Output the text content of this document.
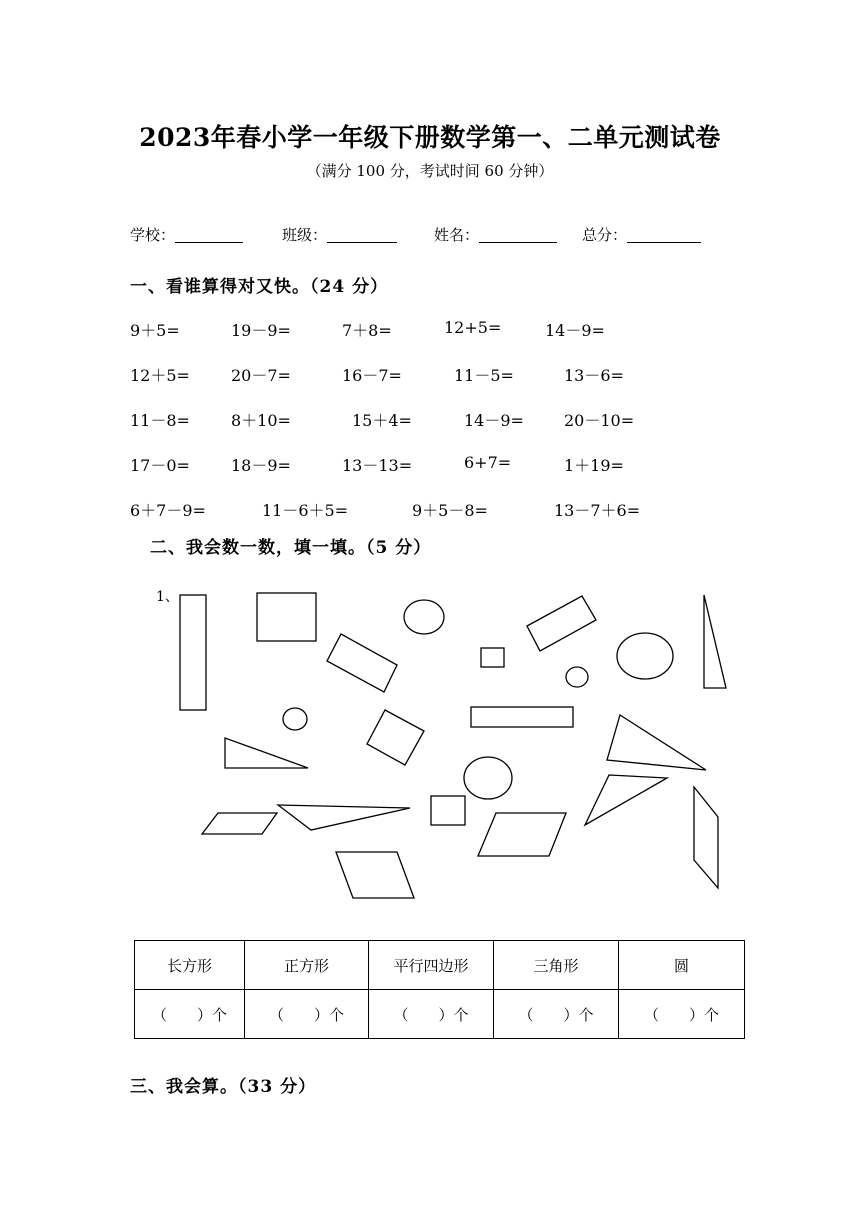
2023年春小学一年级下册数学第一、二单元测试卷
（满分 100 分，考试时间 60 分钟）
学校：	班级：	姓名：	总分：
一、看谁算得对又快。（24 分）
9＋5=	19－9=	7＋8=	12+5=	14－9=
12＋5=	20－7=	16－7=	11－5=	13－6=
11－8=	8＋10=	15＋4=	14－9=	20－10=
17－0=	18－9=	13－13=	6+7=	1＋19=
6＋7－9=	11－6＋5=	9＋5－8=	13－7＋6=
二、我会数一数，填一填。（5 分）
1、
长方形	正方形	平行四边形	三角形	圆
（　　）个	（　　）个	（　　）个	（　　）个	（　　）个
三、我会算。（33 分）
